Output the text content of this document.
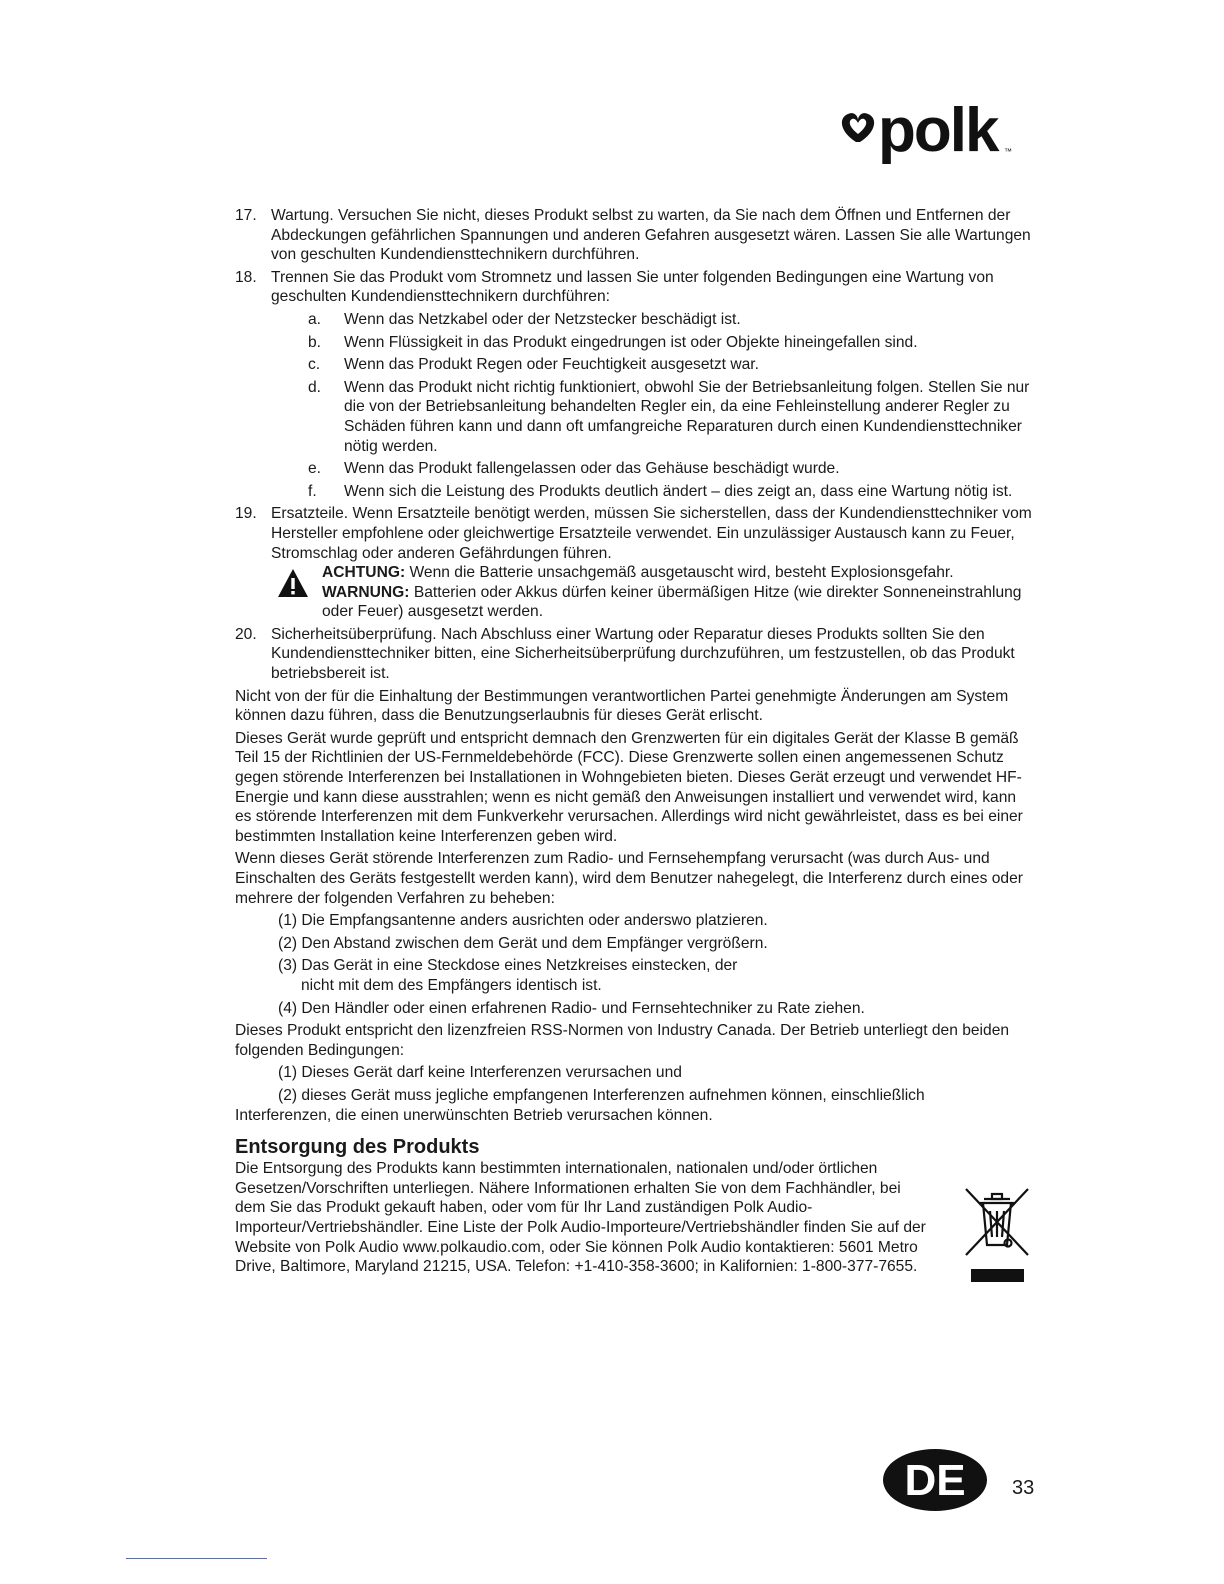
polk ™
17. Wartung. Versuchen Sie nicht, dieses Produkt selbst zu warten, da Sie nach dem Öffnen und Entfernen der Abdeckungen gefährlichen Spannungen und anderen Gefahren ausgesetzt wären. Lassen Sie alle Wartungen von geschulten Kundendiensttechnikern durchführen.
18. Trennen Sie das Produkt vom Stromnetz und lassen Sie unter folgenden Bedingungen eine Wartung von geschulten Kundendiensttechnikern durchführen:
a. Wenn das Netzkabel oder der Netzstecker beschädigt ist.
b. Wenn Flüssigkeit in das Produkt eingedrungen ist oder Objekte hineingefallen sind.
c. Wenn das Produkt Regen oder Feuchtigkeit ausgesetzt war.
d. Wenn das Produkt nicht richtig funktioniert, obwohl Sie der Betriebsanleitung folgen. Stellen Sie nur die von der Betriebsanleitung behandelten Regler ein, da eine Fehleinstellung anderer Regler zu Schäden führen kann und dann oft umfangreiche Reparaturen durch einen Kundendiensttechniker nötig werden.
e. Wenn das Produkt fallengelassen oder das Gehäuse beschädigt wurde.
f. Wenn sich die Leistung des Produkts deutlich ändert – dies zeigt an, dass eine Wartung nötig ist.
19. Ersatzteile. Wenn Ersatzteile benötigt werden, müssen Sie sicherstellen, dass der Kundendiensttechniker vom Hersteller empfohlene oder gleichwertige Ersatzteile verwendet. Ein unzulässiger Austausch kann zu Feuer, Stromschlag oder anderen Gefährdungen führen.
ACHTUNG: Wenn die Batterie unsachgemäß ausgetauscht wird, besteht Explosionsgefahr.
WARNUNG: Batterien oder Akkus dürfen keiner übermäßigen Hitze (wie direkter Sonneneinstrahlung oder Feuer) ausgesetzt werden.
20. Sicherheitsüberprüfung. Nach Abschluss einer Wartung oder Reparatur dieses Produkts sollten Sie den Kundendiensttechniker bitten, eine Sicherheitsüberprüfung durchzuführen, um festzustellen, ob das Produkt betriebsbereit ist.
Nicht von der für die Einhaltung der Bestimmungen verantwortlichen Partei genehmigte Änderungen am System können dazu führen, dass die Benutzungserlaubnis für dieses Gerät erlischt.
Dieses Gerät wurde geprüft und entspricht demnach den Grenzwerten für ein digitales Gerät der Klasse B gemäß Teil 15 der Richtlinien der US-Fernmeldebehörde (FCC). Diese Grenzwerte sollen einen angemessenen Schutz gegen störende Interferenzen bei Installationen in Wohngebieten bieten. Dieses Gerät erzeugt und verwendet HF-Energie und kann diese ausstrahlen; wenn es nicht gemäß den Anweisungen installiert und verwendet wird, kann es störende Interferenzen mit dem Funkverkehr verursachen. Allerdings wird nicht gewährleistet, dass es bei einer bestimmten Installation keine Interferenzen geben wird.
Wenn dieses Gerät störende Interferenzen zum Radio- und Fernsehempfang verursacht (was durch Aus- und Einschalten des Geräts festgestellt werden kann), wird dem Benutzer nahegelegt, die Interferenz durch eines oder mehrere der folgenden Verfahren zu beheben:
(1) Die Empfangsantenne anders ausrichten oder anderswo platzieren.
(2) Den Abstand zwischen dem Gerät und dem Empfänger vergrößern.
(3) Das Gerät in eine Steckdose eines Netzkreises einstecken, der
nicht mit dem des Empfängers identisch ist.
(4) Den Händler oder einen erfahrenen Radio- und Fernsehtechniker zu Rate ziehen.
Dieses Produkt entspricht den lizenzfreien RSS-Normen von Industry Canada. Der Betrieb unterliegt den beiden folgenden Bedingungen:
(1) Dieses Gerät darf keine Interferenzen verursachen und
(2) dieses Gerät muss jegliche empfangenen Interferenzen aufnehmen können, einschließlich
Interferenzen, die einen unerwünschten Betrieb verursachen können.
Entsorgung des Produkts
Die Entsorgung des Produkts kann bestimmten internationalen, nationalen und/oder örtlichen Gesetzen/Vorschriften unterliegen. Nähere Informationen erhalten Sie von dem Fachhändler, bei dem Sie das Produkt gekauft haben, oder vom für Ihr Land zuständigen Polk Audio-Importeur/Vertriebshändler. Eine Liste der Polk Audio-Importeure/Vertriebshändler finden Sie auf der Website von Polk Audio www.polkaudio.com, oder Sie können Polk Audio kontaktieren: 5601 Metro Drive, Baltimore, Maryland 21215, USA. Telefon: +1-410-358-3600; in Kalifornien: 1-800-377-7655.
DE 33
